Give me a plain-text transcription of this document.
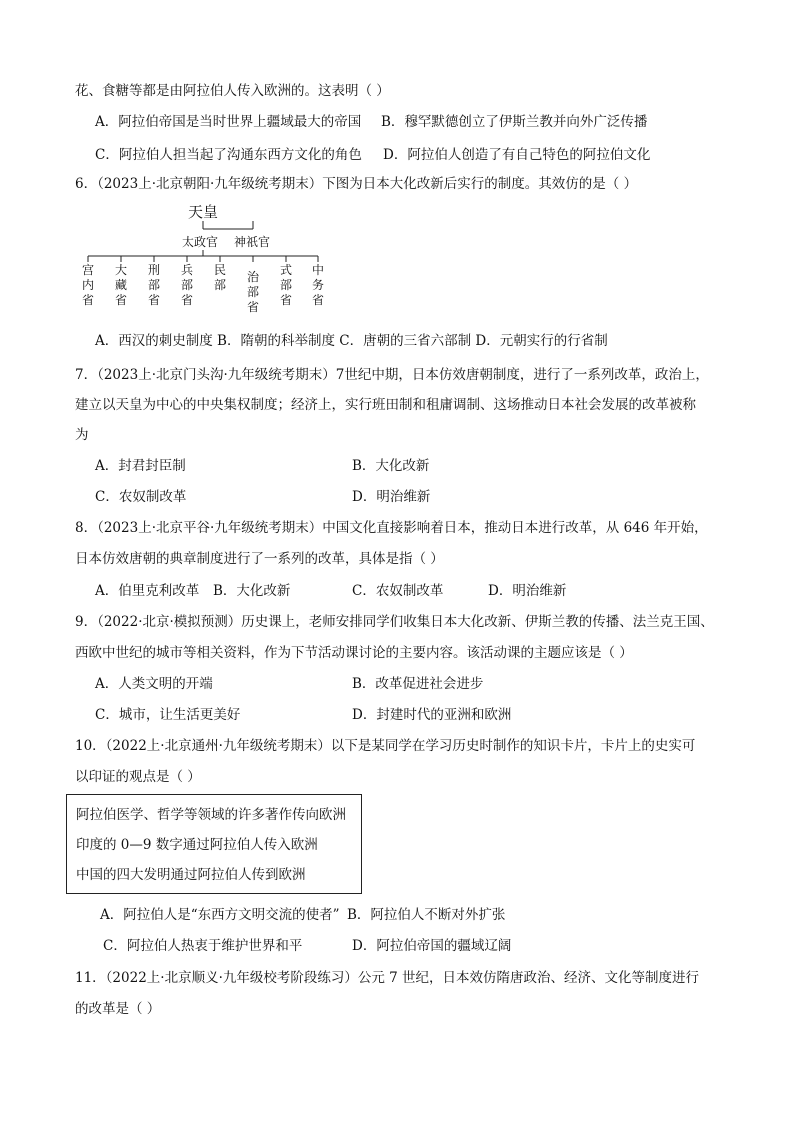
花、食糖等都是由阿拉伯人传入欧洲的。这表明（ ）
A．阿拉伯帝国是当时世界上疆域最大的帝国 B．穆罕默德创立了伊斯兰教并向外广泛传播
C．阿拉伯人担当起了沟通东西方文化的角色 D．阿拉伯人创造了有自己特色的阿拉伯文化
6．（2023上·北京朝阳·九年级统考期末）下图为日本大化改新后实行的制度。其效仿的是（ ）
天皇
太政官 神祇官
宫内省
大藏省
刑部省
兵部省
民部
治部省
式部省
中务省
A．西汉的刺史制度 B．隋朝的科举制度 C．唐朝的三省六部制 D．元朝实行的行省制
7．（2023上·北京门头沟·九年级统考期末）7世纪中期，日本仿效唐朝制度，进行了一系列改革，政治上，
建立以天皇为中心的中央集权制度；经济上，实行班田制和租庸调制、这场推动日本社会发展的改革被称
为
A．封君封臣制	B．大化改新
C．农奴制改革	D．明治维新
8．（2023上·北京平谷·九年级统考期末）中国文化直接影响着日本，推动日本进行改革，从 646 年开始，
日本仿效唐朝的典章制度进行了一系列的改革，具体是指（ ）
A．伯里克利改革 B．大化改新	C．农奴制改革	D．明治维新
9．（2022·北京·模拟预测）历史课上，老师安排同学们收集日本大化改新、伊斯兰教的传播、法兰克王国、
西欧中世纪的城市等相关资料，作为下节活动课讨论的主要内容。该活动课的主题应该是（ ）
A．人类文明的开端	B．改革促进社会进步
C．城市，让生活更美好	D．封建时代的亚洲和欧洲
10．（2022上·北京通州·九年级统考期末）以下是某同学在学习历史时制作的知识卡片，卡片上的史实可
以印证的观点是（ ）
阿拉伯医学、哲学等领域的许多著作传向欧洲
印度的 0—9 数字通过阿拉伯人传入欧洲
中国的四大发明通过阿拉伯人传到欧洲
A．阿拉伯人是“东西方文明交流的使者” B．阿拉伯人不断对外扩张
C．阿拉伯人热衷于维护世界和平	D．阿拉伯帝国的疆域辽阔
11．（2022上·北京顺义·九年级校考阶段练习）公元 7 世纪，日本效仿隋唐政治、经济、文化等制度进行
的改革是（ ）
